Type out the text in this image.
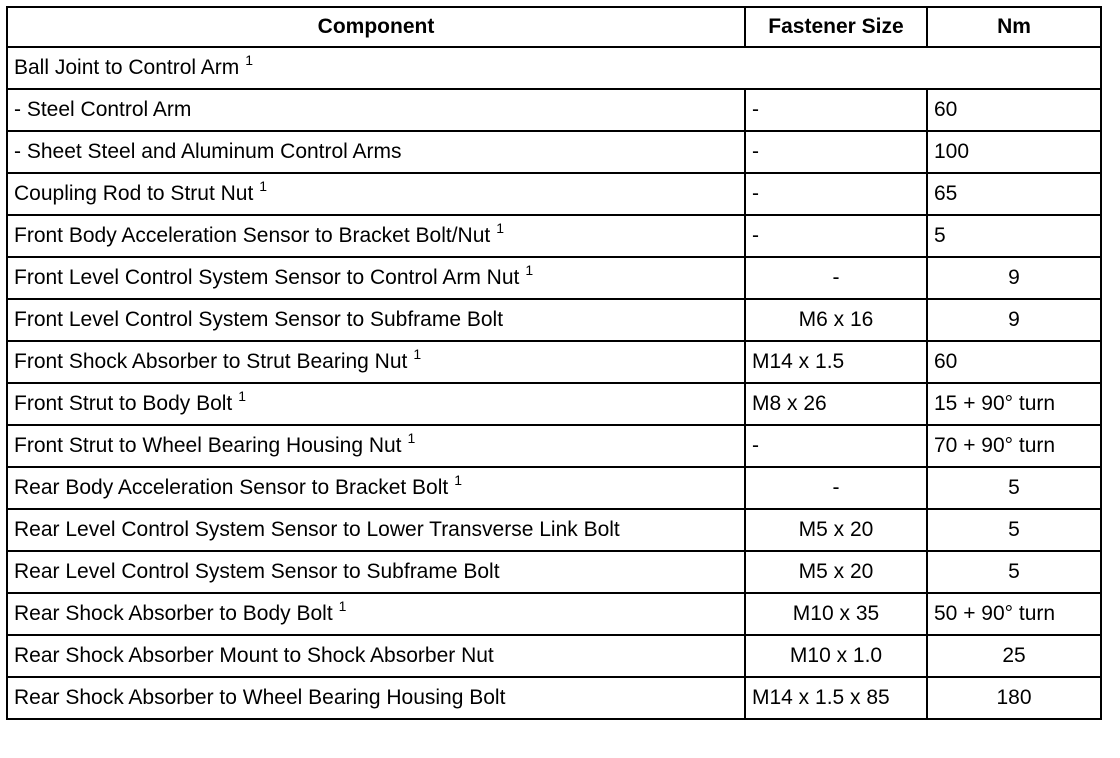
Component	Fastener Size	Nm
Ball Joint to Control Arm $^1$
- Steel Control Arm	-	60
- Sheet Steel and Aluminum Control Arms	-	100
Coupling Rod to Strut Nut $^1$	-	65
Front Body Acceleration Sensor to Bracket Bolt/Nut $^1$	-	5
Front Level Control System Sensor to Control Arm Nut $^1$	-	9
Front Level Control System Sensor to Subframe Bolt	M6 x 16	9
Front Shock Absorber to Strut Bearing Nut $^1$	M14 x 1.5	60
Front Strut to Body Bolt $^1$	M8 x 26	15 + 90° turn
Front Strut to Wheel Bearing Housing Nut $^1$	-	70 + 90° turn
Rear Body Acceleration Sensor to Bracket Bolt $^1$	-	5
Rear Level Control System Sensor to Lower Transverse Link Bolt	M5 x 20	5
Rear Level Control System Sensor to Subframe Bolt	M5 x 20	5
Rear Shock Absorber to Body Bolt $^1$	M10 x 35	50 + 90° turn
Rear Shock Absorber Mount to Shock Absorber Nut	M10 x 1.0	25
Rear Shock Absorber to Wheel Bearing Housing Bolt	M14 x 1.5 x 85	180
